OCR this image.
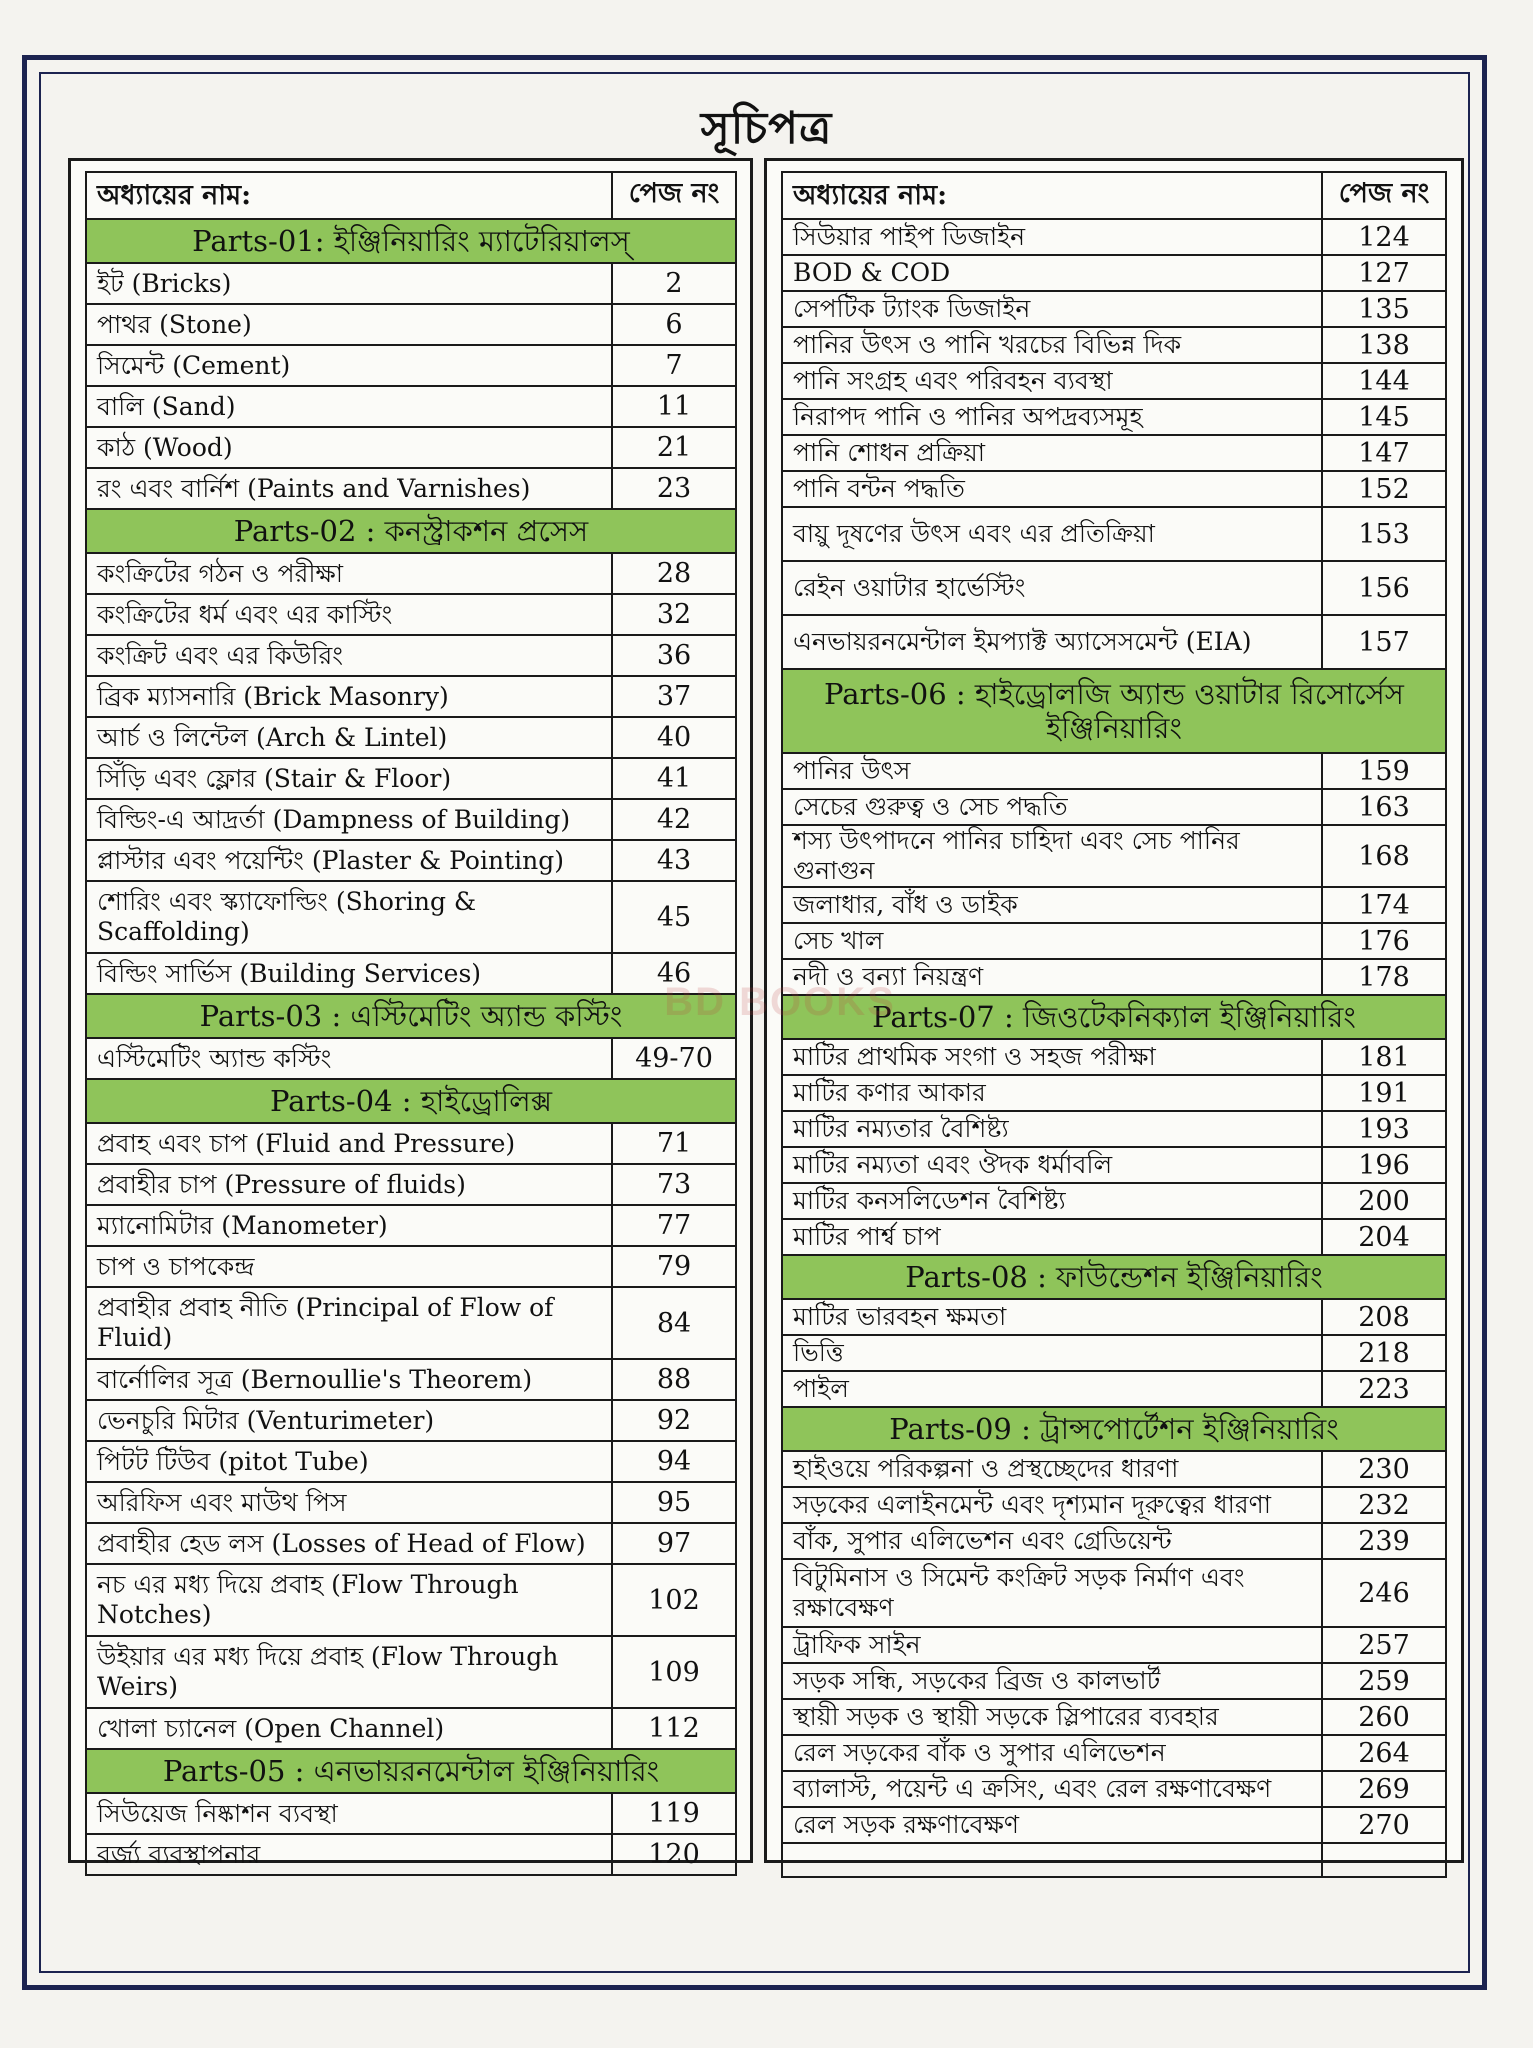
সূচিপত্র
অধ্যায়ের নাম:	পেজ নং
Parts-01: ইঞ্জিনিয়ারিং ম্যাটেরিয়ালস্	
ইট (Bricks)	2
পাথর (Stone)	6
সিমেন্ট (Cement)	7
বালি (Sand)	11
কাঠ (Wood)	21
রং এবং বার্নিশ (Paints and Varnishes)	23
Parts-02 : কনস্ট্রাকশন প্রসেস	
কংক্রিটের গঠন ও পরীক্ষা	28
কংক্রিটের ধর্ম এবং এর কাস্টিং	32
কংক্রিট এবং এর কিউরিং	36
ব্রিক ম্যাসনারি (Brick Masonry)	37
আর্চ ও লিন্টেল (Arch & Lintel)	40
সিঁড়ি এবং ফ্লোর (Stair & Floor)	41
বিল্ডিং-এ আদ্রর্তা (Dampness of Building)	42
প্লাস্টার এবং পয়েন্টিং (Plaster & Pointing)	43
শোরিং এবং স্ক্যাফোল্ডিং (Shoring & Scaffolding)	45
বিল্ডিং সার্ভিস (Building Services)	46
Parts-03 : এস্টিমেটিং অ্যান্ড কস্টিং	
এস্টিমেটিং অ্যান্ড কস্টিং	49-70
Parts-04 : হাইড্রোলিক্স	
প্রবাহ এবং চাপ (Fluid and Pressure)	71
প্রবাহীর চাপ (Pressure of fluids)	73
ম্যানোমিটার (Manometer)	77
চাপ ও চাপকেন্দ্র	79
প্রবাহীর প্রবাহ নীতি (Principal of Flow of Fluid)	84
বার্নোলির সূত্র (Bernoullie's Theorem)	88
ভেনচুরি মিটার (Venturimeter)	92
পিটট টিউব (pitot Tube)	94
অরিফিস এবং মাউথ পিস	95
প্রবাহীর হেড লস (Losses of Head of Flow)	97
নচ এর মধ্য দিয়ে প্রবাহ (Flow Through Notches)	102
উইয়ার এর মধ্য দিয়ে প্রবাহ (Flow Through Weirs)	109
খোলা চ্যানেল (Open Channel)	112
Parts-05 : এনভায়রনমেন্টাল ইঞ্জিনিয়ারিং	
সিউয়েজ নিষ্কাশন ব্যবস্থা	119
বর্জ্য ব্যবস্থাপনার	120
অধ্যায়ের নাম:	পেজ নং
সিউয়ার পাইপ ডিজাইন	124
BOD & COD	127
সেপটিক ট্যাংক ডিজাইন	135
পানির উৎস ও পানি খরচের বিভিন্ন দিক	138
পানি সংগ্রহ এবং পরিবহন ব্যবস্থা	144
নিরাপদ পানি ও পানির অপদ্রব্যসমূহ	145
পানি শোধন প্রক্রিয়া	147
পানি বন্টন পদ্ধতি	152
বায়ু দূষণের উৎস এবং এর প্রতিক্রিয়া	153
রেইন ওয়াটার হার্ভেস্টিং	156
এনভায়রনমেন্টাল ইমপ্যাক্ট অ্যাসেসমেন্ট (EIA)	157
Parts-06 : হাইড্রোলজি অ্যান্ড ওয়াটার রিসোর্সেস ইঞ্জিনিয়ারিং	
পানির উৎস	159
সেচের গুরুত্ব ও সেচ পদ্ধতি	163
শস্য উৎপাদনে পানির চাহিদা এবং সেচ পানির গুনাগুন	168
জলাধার, বাঁধ ও ডাইক	174
সেচ খাল	176
নদী ও বন্যা নিয়ন্ত্রণ	178
Parts-07 : জিওটেকনিক্যাল ইঞ্জিনিয়ারিং	
মাটির প্রাথমিক সংগা ও সহজ পরীক্ষা	181
মাটির কণার আকার	191
মাটির নম্যতার বৈশিষ্ট্য	193
মাটির নম্যতা এবং ঔদক ধর্মাবলি	196
মাটির কনসলিডেশন বৈশিষ্ট্য	200
মাটির পার্শ্ব চাপ	204
Parts-08 : ফাউন্ডেশন ইঞ্জিনিয়ারিং	
মাটির ভারবহন ক্ষমতা	208
ভিত্তি	218
পাইল	223
Parts-09 : ট্রান্সপোর্টেশন ইঞ্জিনিয়ারিং	
হাইওয়ে পরিকল্পনা ও প্রস্থচ্ছেদের ধারণা	230
সড়কের এলাইনমেন্ট এবং দৃশ্যমান দূরুত্বের ধারণা	232
বাঁক, সুপার এলিভেশন এবং গ্রেডিয়েন্ট	239
বিটুমিনাস ও সিমেন্ট কংক্রিট সড়ক নির্মাণ এবং রক্ষাবেক্ষণ	246
ট্রাফিক সাইন	257
সড়ক সন্ধি, সড়কের ব্রিজ ও কালভার্ট	259
স্থায়ী সড়ক ও স্থায়ী সড়কে স্লিপারের ব্যবহার	260
রেল সড়কের বাঁক ও সুপার এলিভেশন	264
ব্যালাস্ট, পয়েন্ট এ ক্রসিং, এবং রেল রক্ষণাবেক্ষণ	269
রেল সড়ক রক্ষণাবেক্ষণ	270
